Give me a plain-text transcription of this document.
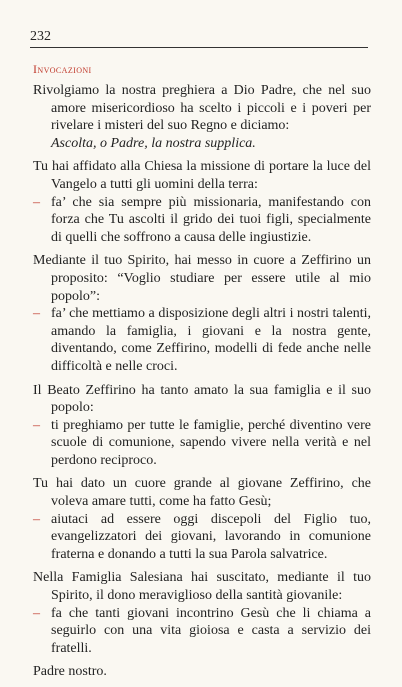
232
Invocazioni

Rivolgiamo la nostra preghiera a Dio Padre, che nel suo amore misericordioso ha scelto i piccoli e i poveri per rivelare i misteri del suo Regno e diciamo:
Ascolta, o Padre, la nostra supplica.

Tu hai affidato alla Chiesa la missione di portare la luce del Vangelo a tutti gli uomini della terra:

– fa’ che sia sempre più missionaria, manifestando con forza che Tu ascolti il grido dei tuoi figli, specialmente di quelli che soffrono a causa delle ingiustizie.

Mediante il tuo Spirito, hai messo in cuore a Zeffirino un proposito: “Voglio studiare per essere utile al mio popolo”:

– fa’ che mettiamo a disposizione degli altri i nostri talenti, amando la famiglia, i giovani e la nostra gente, diventando, come Zeffirino, modelli di fede anche nelle difficoltà e nelle croci.

Il Beato Zeffirino ha tanto amato la sua famiglia e il suo popolo:

– ti preghiamo per tutte le famiglie, perché diventino vere scuole di comunione, sapendo vivere nella verità e nel perdono reciproco.

Tu hai dato un cuore grande al giovane Zeffirino, che voleva amare tutti, come ha fatto Gesù;

– aiutaci ad essere oggi discepoli del Figlio tuo, evangelizzatori dei giovani, lavorando in comunione fraterna e donando a tutti la sua Parola salvatrice.

Nella Famiglia Salesiana hai suscitato, mediante il tuo Spirito, il dono meraviglioso della santità giovanile:

– fa che tanti giovani incontrino Gesù che li chiama a seguirlo con una vita gioiosa e casta a servizio dei fratelli.

Padre nostro.
